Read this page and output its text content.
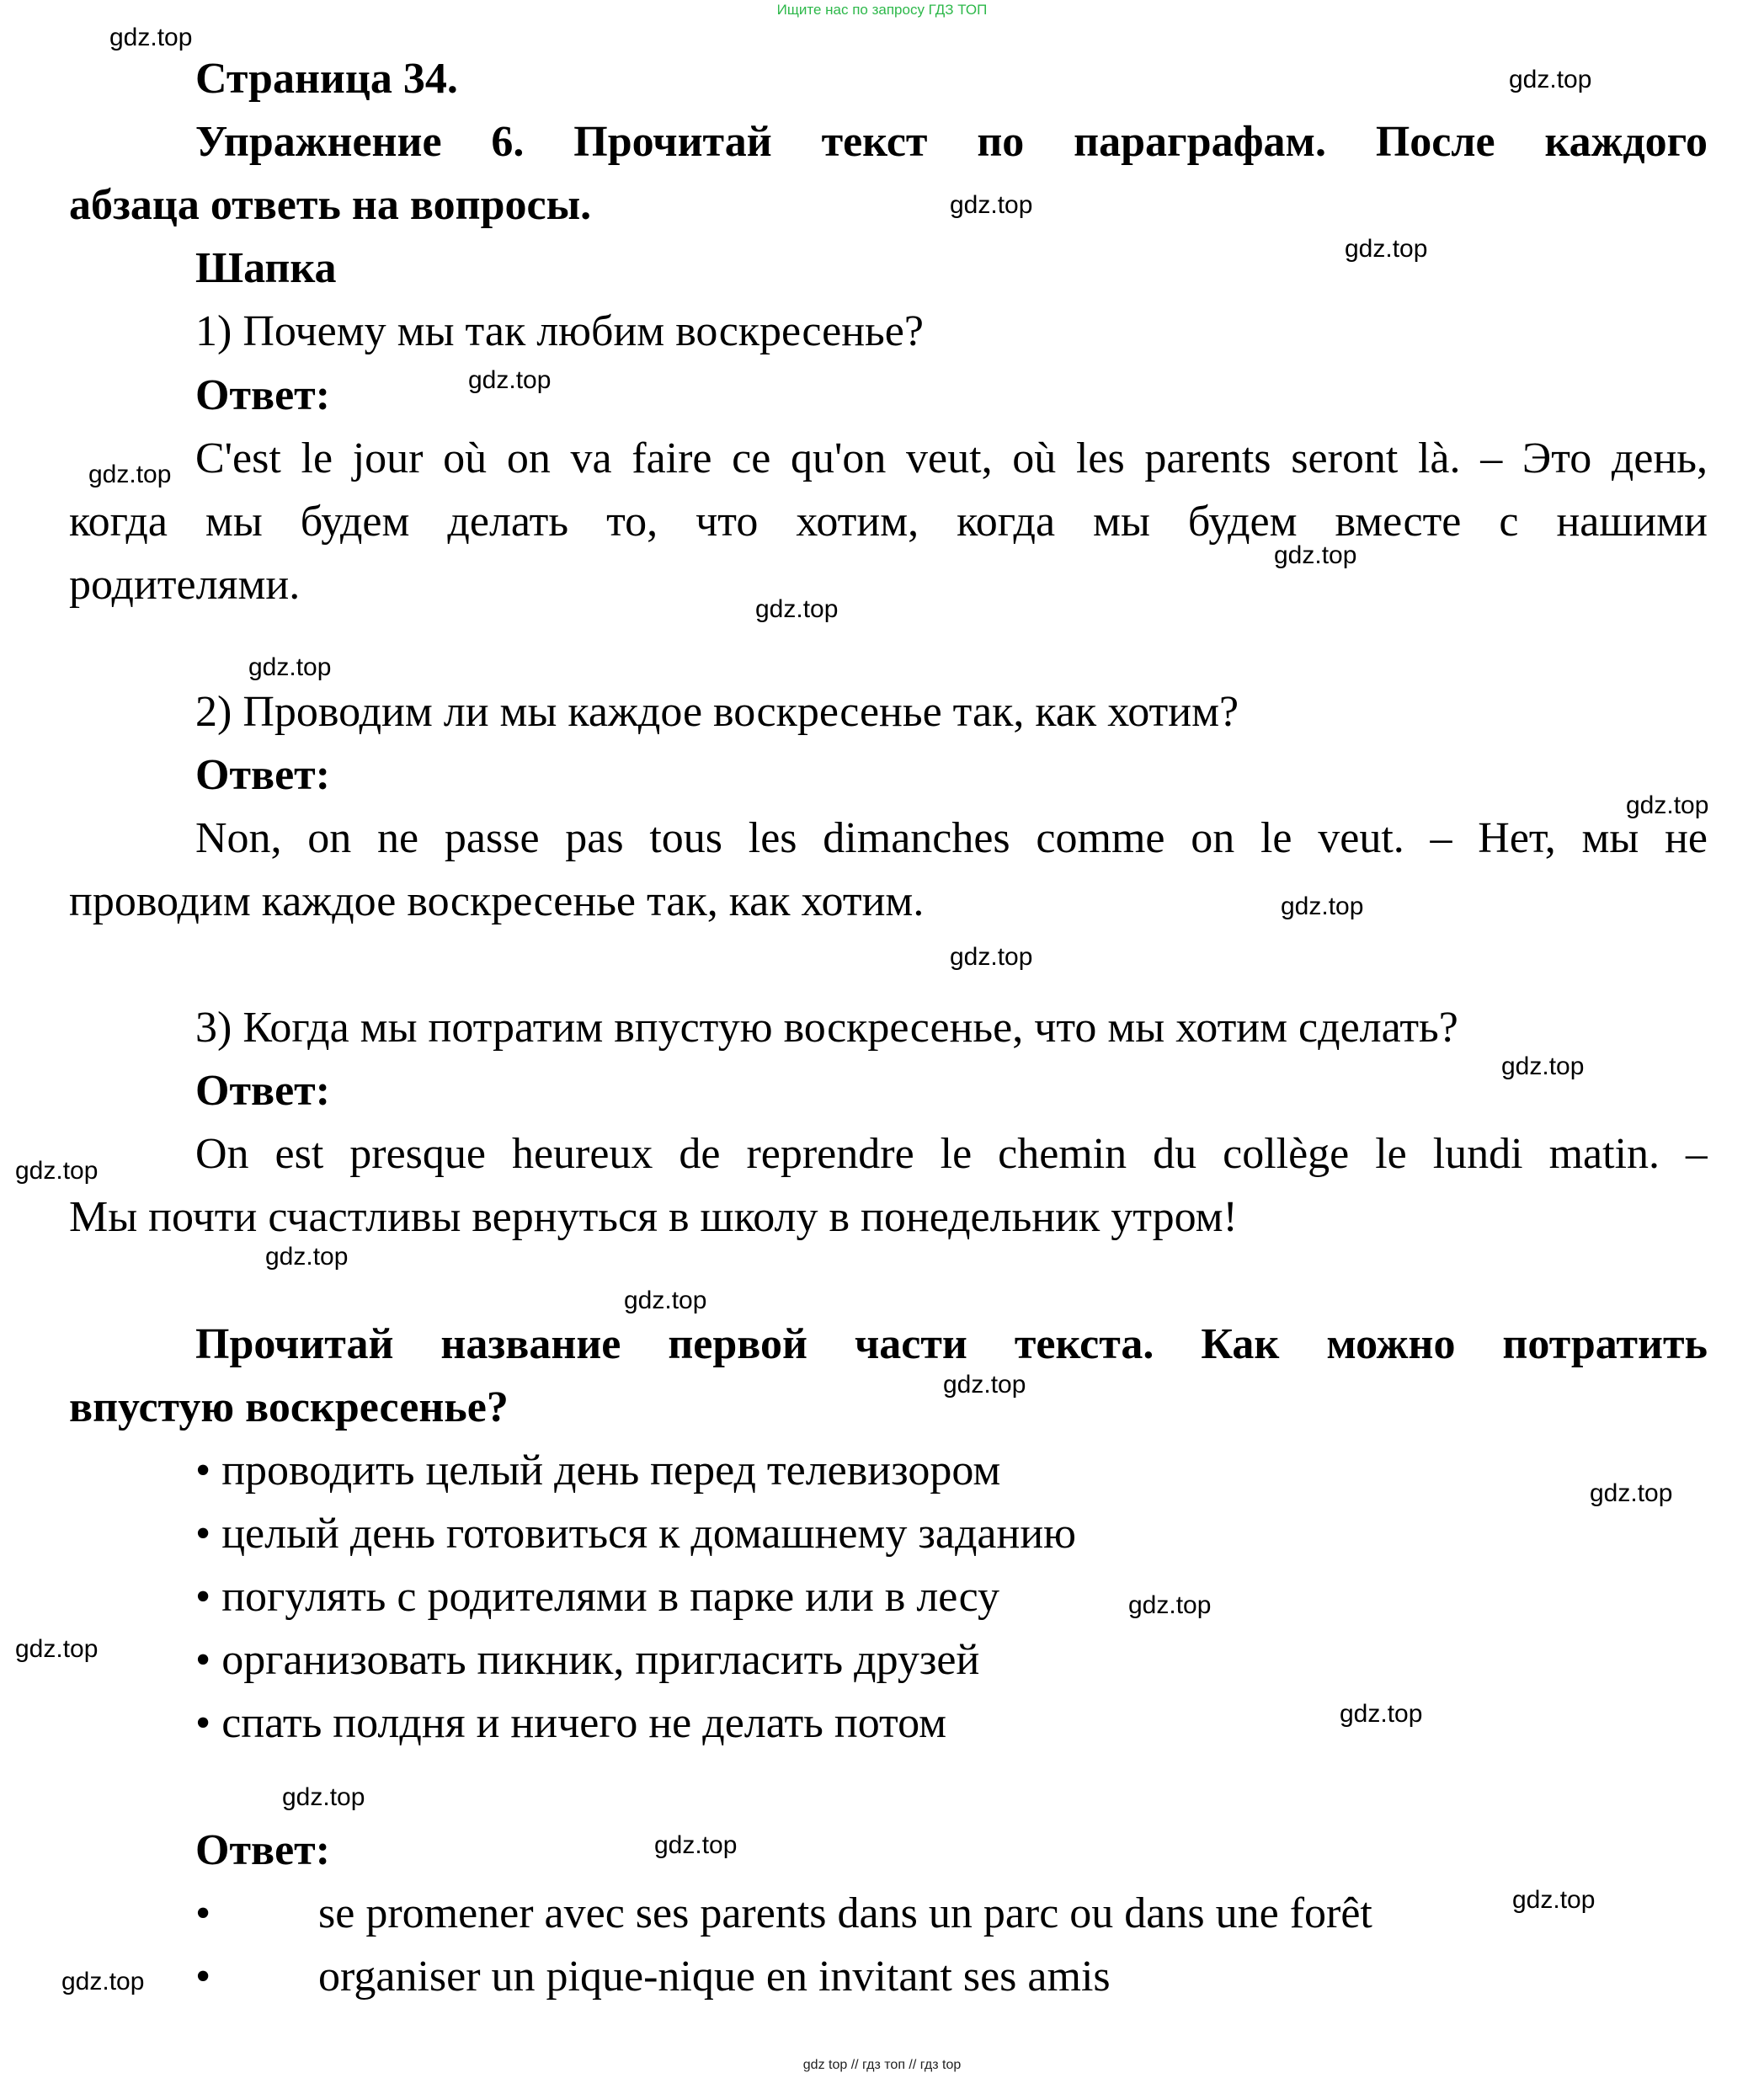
Ищите нас по запросу ГДЗ ТОП
gdz.top
gdz.top
gdz.top
gdz.top
gdz.top
gdz.top
gdz.top
gdz.top
gdz.top
gdz.top
gdz.top
gdz.top
gdz.top
gdz.top
gdz.top
gdz.top
gdz.top
gdz.top
gdz.top
gdz.top
gdz.top
gdz.top
gdz.top
gdz.top
gdz.top
Страница 34.
Упражнение 6. Прочитай текст по параграфам. После каждого
абзаца ответь на вопросы.
Шапка
1) Почему мы так любим воскресенье?
Ответ:
C'est le jour où on va faire ce qu'on veut, où les parents seront là. – Это день,
когда мы будем делать то, что хотим, когда мы будем вместе с нашими
родителями.
2) Проводим ли мы каждое воскресенье так, как хотим?
Ответ:
Non, on ne passe pas tous les dimanches comme on le veut. – Нет, мы не
проводим каждое воскресенье так, как хотим.
3) Когда мы потратим впустую воскресенье, что мы хотим сделать?
Ответ:
On est presque heureux de reprendre le chemin du collège le lundi matin. –
Мы почти счастливы вернуться в школу в понедельник утром!
Прочитай название первой части текста. Как можно потратить
впустую воскресенье?
• проводить целый день перед телевизором
• целый день готовиться к домашнему заданию
• погулять с родителями в парке или в лесу
• организовать пикник, пригласить друзей
• спать полдня и ничего не делать потом
Ответ:
• se promener avec ses parents dans un parc ou dans une forêt
• organiser un pique-nique en invitant ses amis
gdz top // гдз топ // гдз top
